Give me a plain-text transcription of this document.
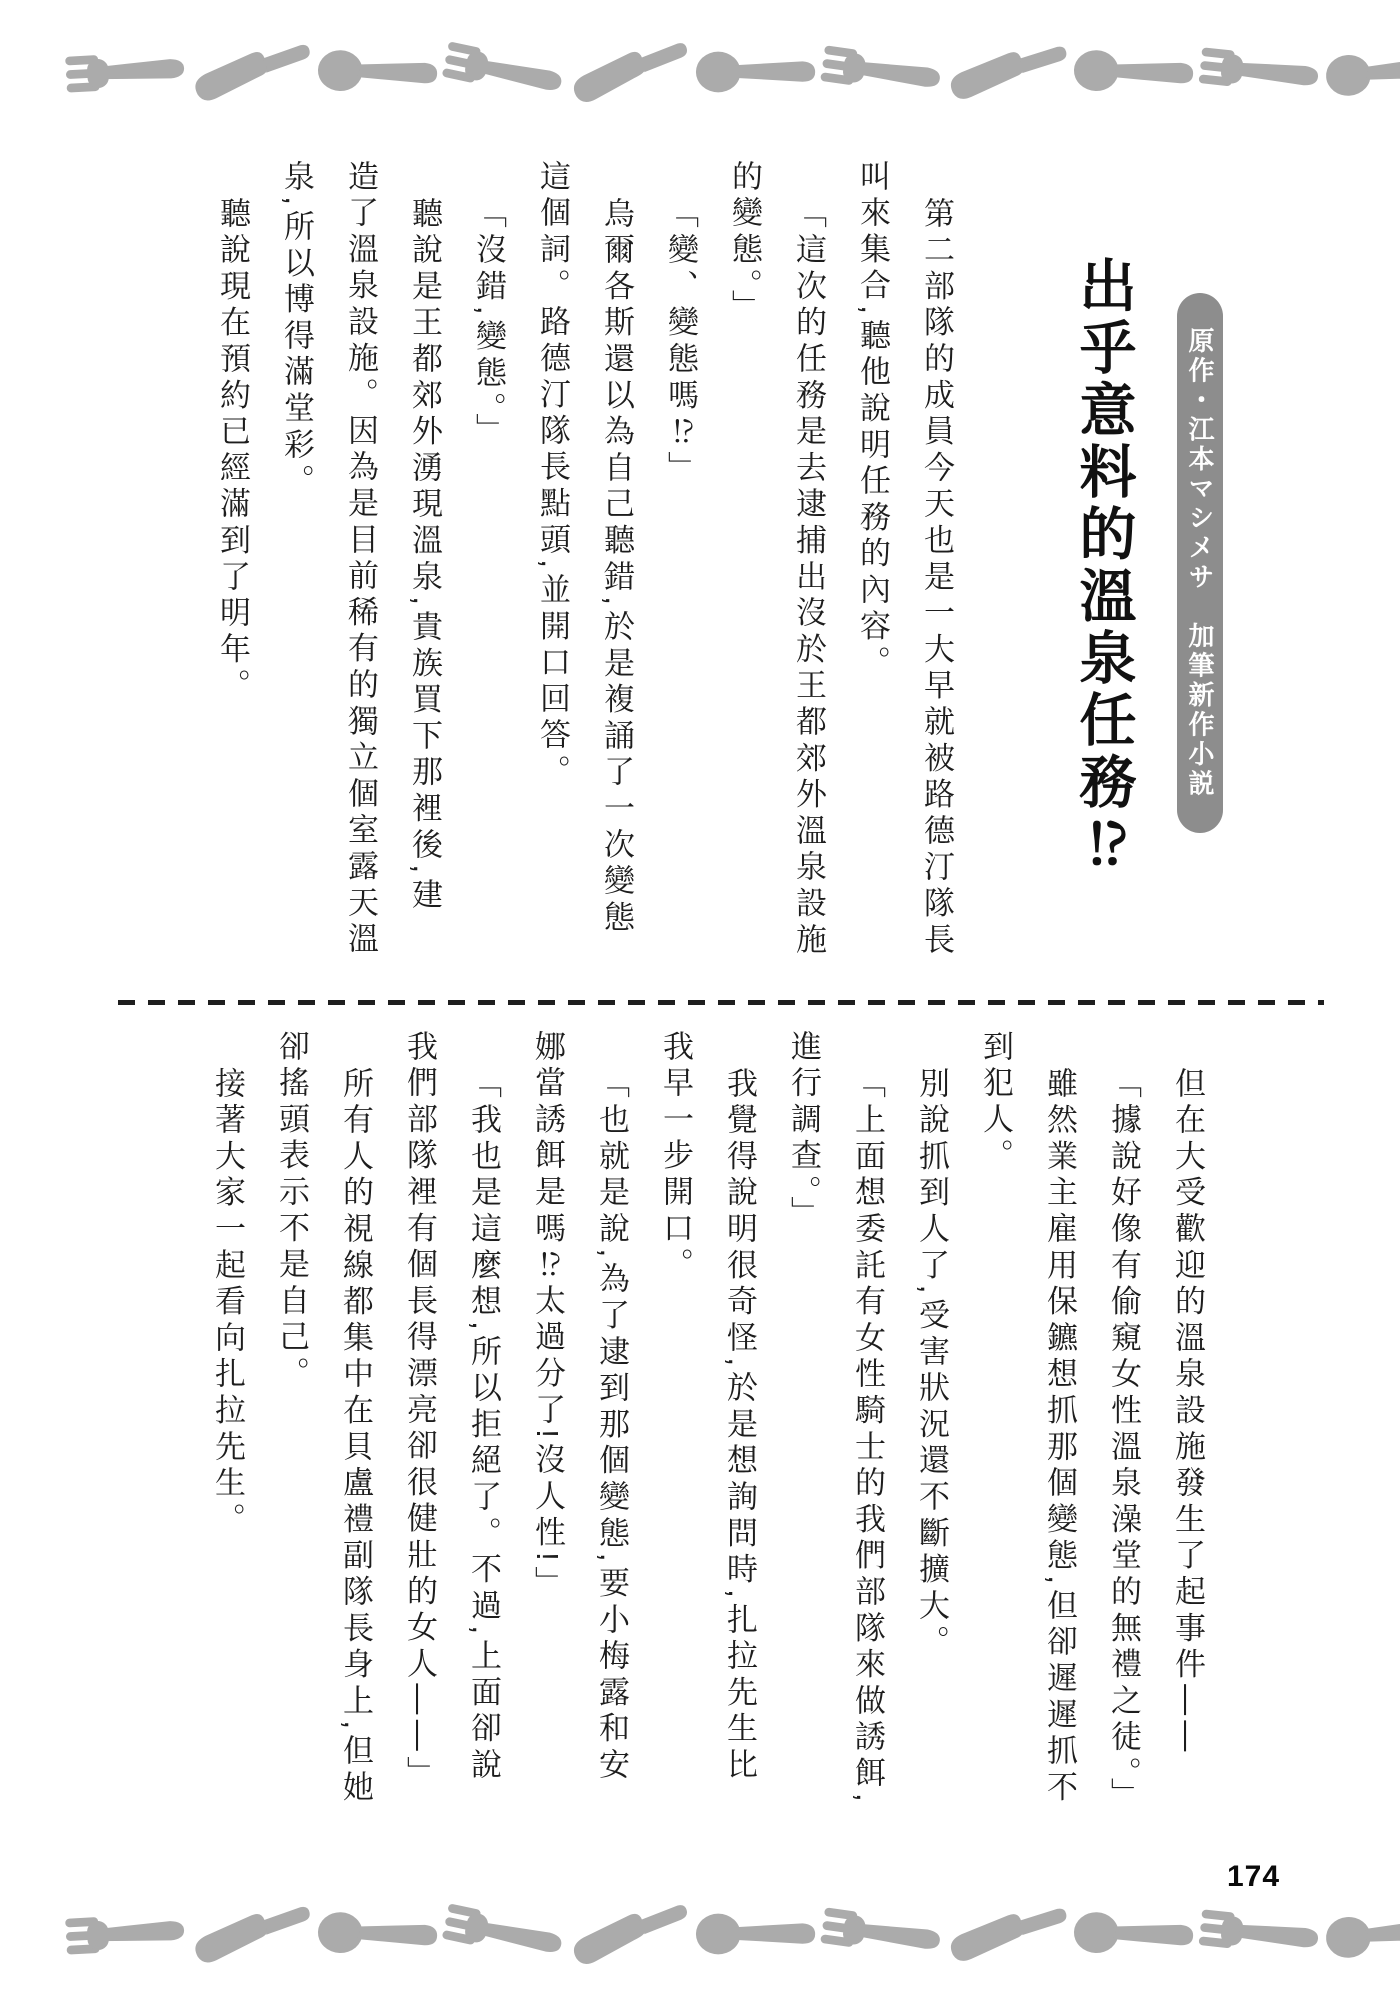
原作・江本マシメサ　加筆新作小説
出乎意料的溫泉任務⁉

第二部隊的成員今天也是一大早就被路德汀隊長

叫來集合,聽他說明任務的內容。

「這次的任務是去逮捕出沒於王都郊外溫泉設施

的變態。」

「變、變態嗎⁉」

烏爾各斯還以為自己聽錯,於是複誦了一次變態

這個詞。路德汀隊長點頭,並開口回答。

「沒錯,變態。」

聽說是王都郊外湧現溫泉,貴族買下那裡後,建

造了溫泉設施。因為是目前稀有的獨立個室露天溫

泉,所以博得滿堂彩。

聽說現在預約已經滿到了明年。

但在大受歡迎的溫泉設施發生了起事件——

「據說好像有偷窺女性溫泉澡堂的無禮之徒。」

雖然業主雇用保鑣想抓那個變態,但卻遲遲抓不

到犯人。

別說抓到人了,受害狀況還不斷擴大。

「上面想委託有女性騎士的我們部隊來做誘餌,

進行調查。」

我覺得說明很奇怪,於是想詢問時,扎拉先生比

我早一步開口。

「也就是說,為了逮到那個變態,要小梅露和安

娜當誘餌是嗎⁉太過分了!沒人性!」

「我也是這麼想,所以拒絕了。不過,上面卻說

我們部隊裡有個長得漂亮卻很健壯的女人——」

所有人的視線都集中在貝盧禮副隊長身上,但她

卻搖頭表示不是自己。

接著大家一起看向扎拉先生。

174
